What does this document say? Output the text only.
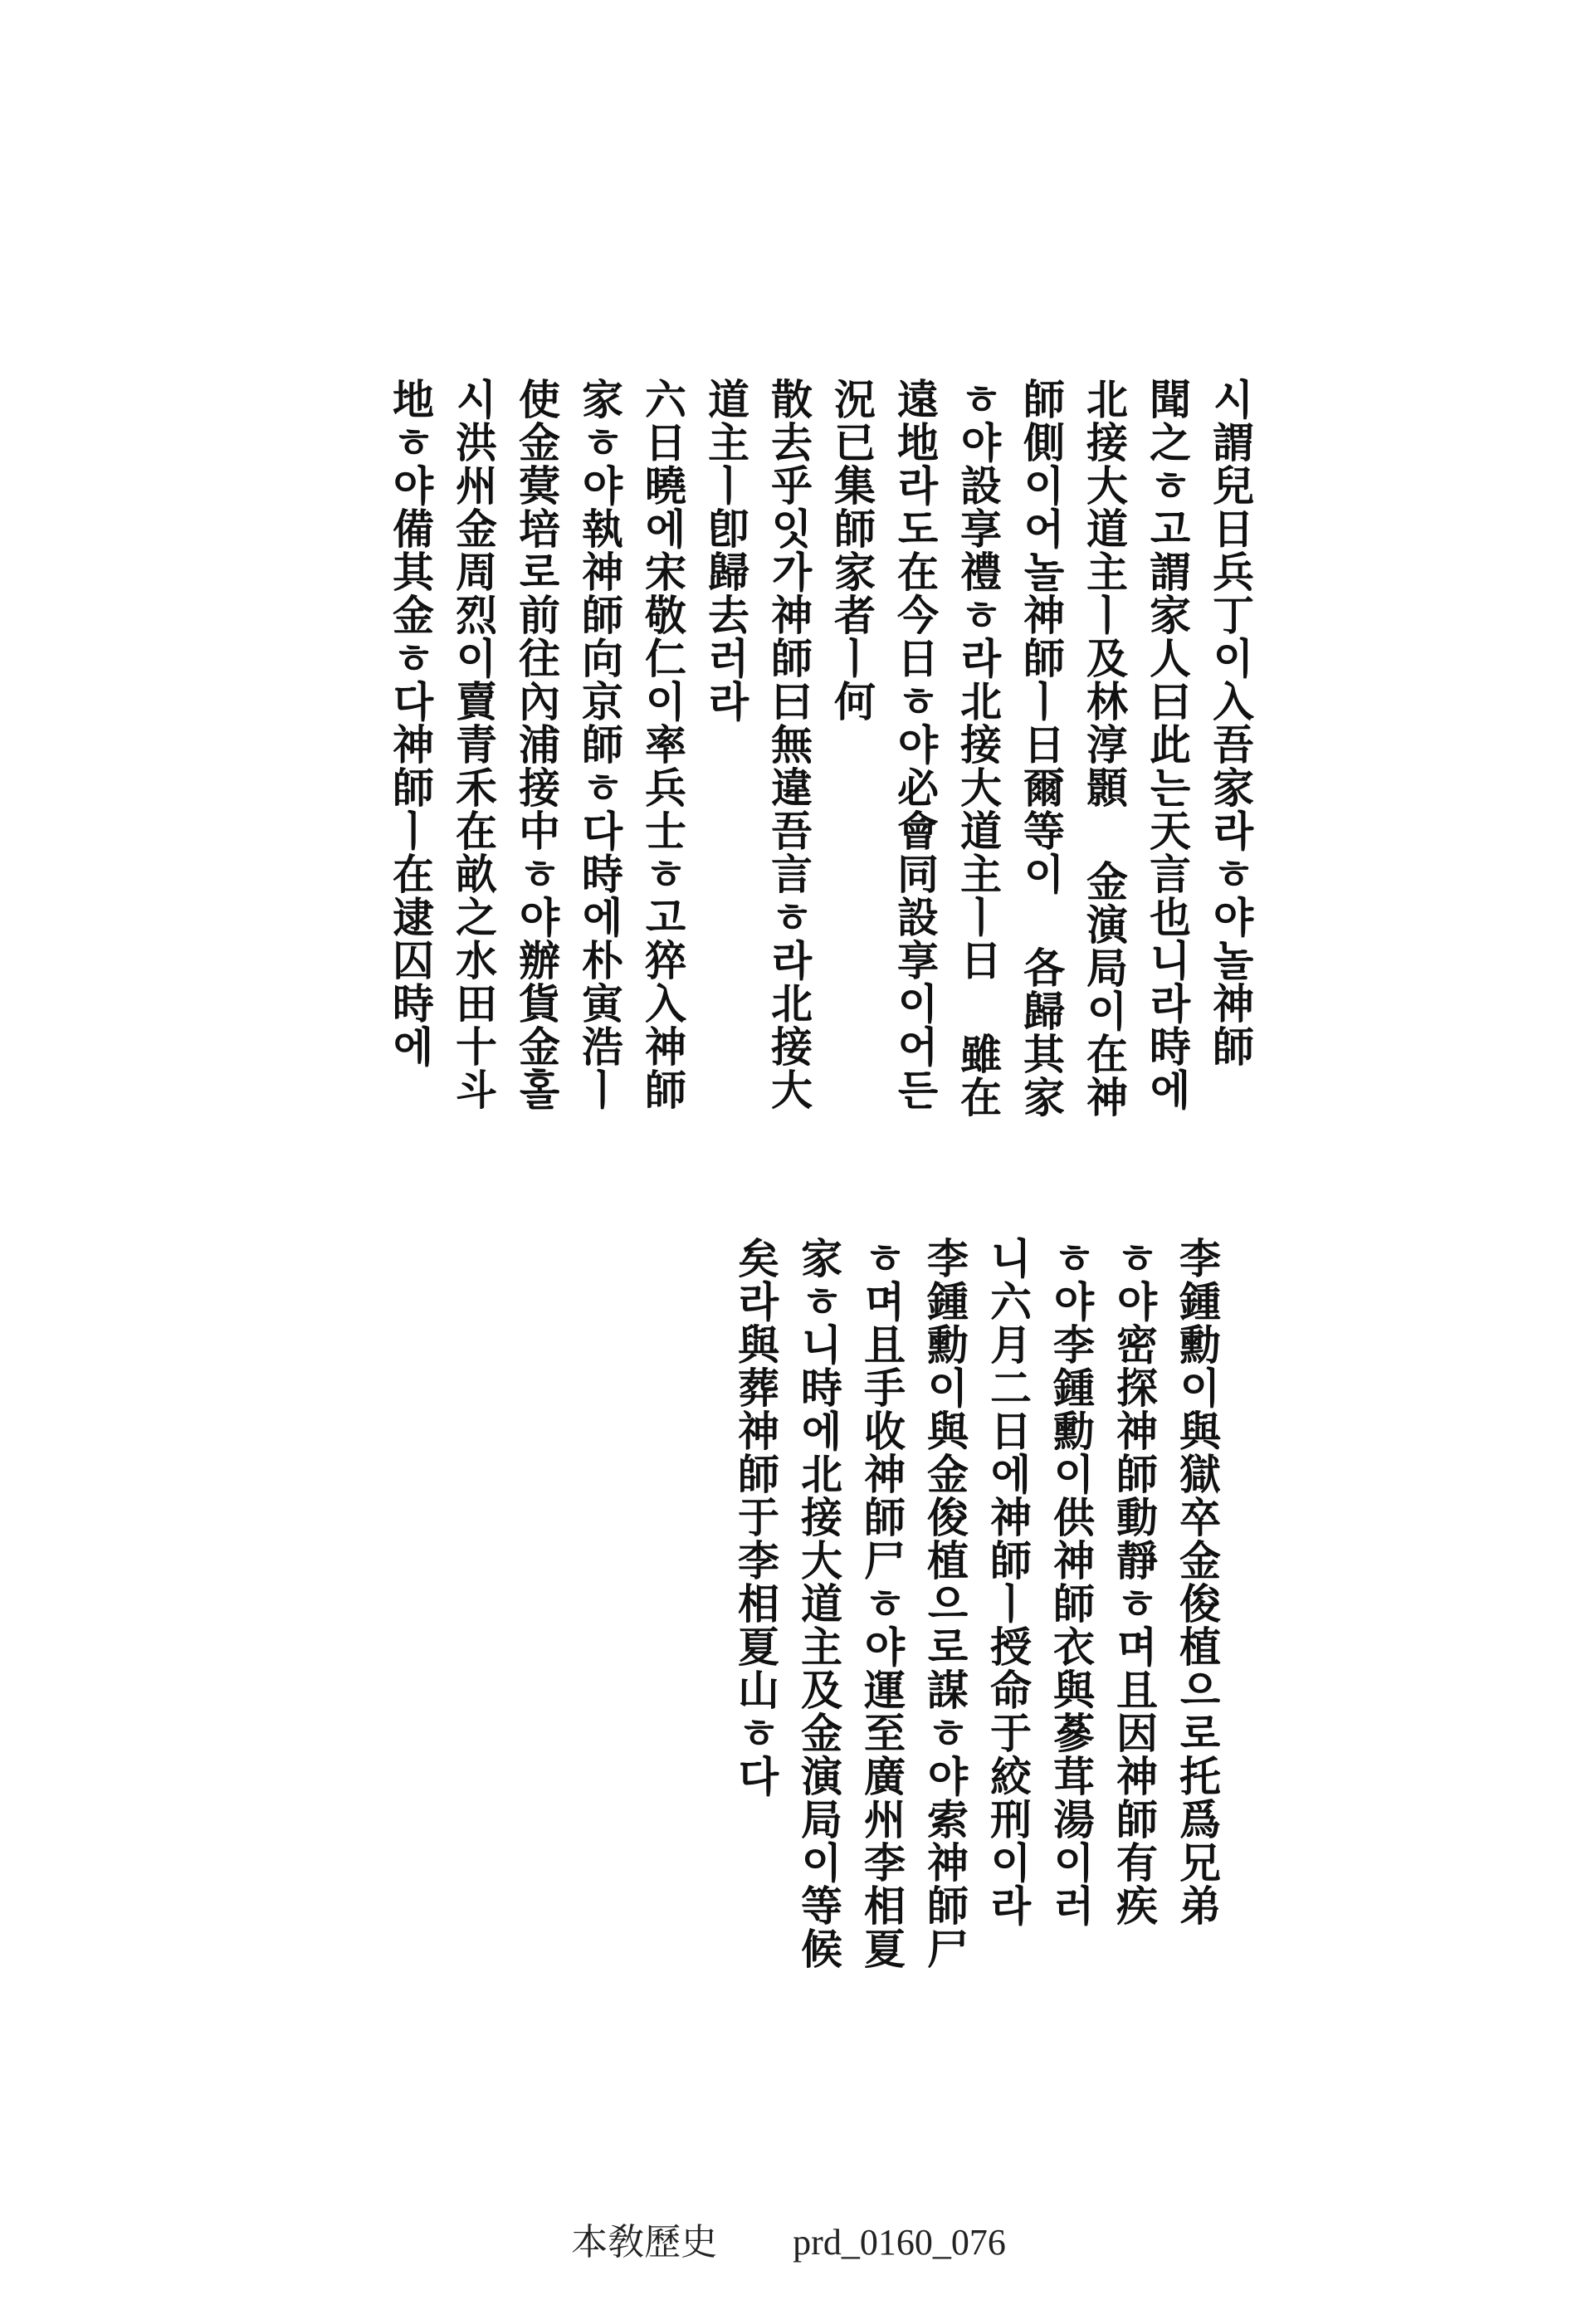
시謂兒日兵丁이入吾家라ㅎ야놀神師
聞之ㅎ고謂家人曰此는天言也니라時에
北接大道主ㅣ及林淳顥 金演局이在神
師側이어놀神師ㅣ日爾等이 各歸其家
ㅎ야設享禮ㅎ라北接大道主ㅣ日 雖在
遠地라도在今日ㅎ야必會同設享이어든
況已集師家者ㅣ何
散去乎잇가神師曰無違吾言ㅎ라北接大
道主ㅣ卽歸去러라
六日曉에宋敬仁이率兵士ㅎ고猝入神師
家ㅎ야執神師向京師ㅎ다時에朴寅浩ㅣ
使金蓂培로前往內浦接中ㅎ야辦貨金홀
시洪州金周烈이賣青禾在畝之水田十斗
地ㅎ야備其金ㅎ다神師ㅣ在逮囚時에
李鍾勳이與獄卒金俊植으로托爲兄弟
ㅎ야密探神師動靜ㅎ며且因神師有疾
ㅎ야李鍾勳이供神師衣與蔘茸湯이러
니六月二日에神師ㅣ授命于絞刑이라
李鍾勳이與金俊植으로謀ㅎ야索神師尸
ㅎ며且手收神師尸ㅎ야運至廣州李相夏
家ㅎ니時에北接大道主及金演局이等候
矣라與葬神師于李相夏山ㅎ다
本敎歷史 prd_0160_076
